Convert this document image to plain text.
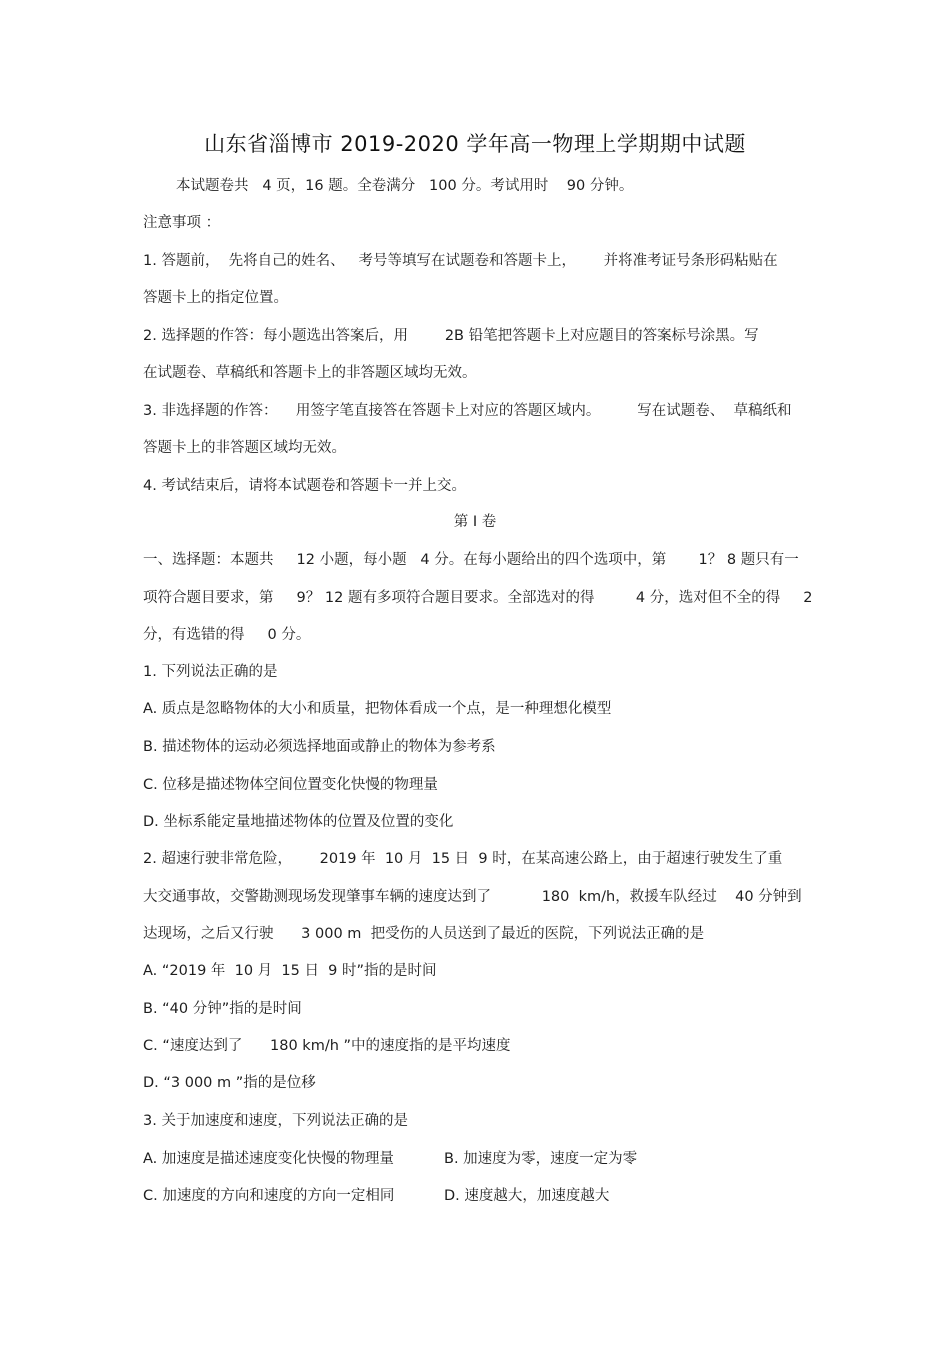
山东省淄博市 2019-2020 学年高一物理上学期期中试题
本试题卷共   4 页，16 题。全卷满分   100 分。考试用时    90 分钟。
注意事项 ：
1. 答题前，  先将自己的姓名、   考号等填写在试题卷和答题卡上，      并将准考证号条形码粘贴在
答题卡上的指定位置。
2. 选择题的作答：每小题选出答案后，用        2B 铅笔把答题卡上对应题目的答案标号涂黑。写
在试题卷、草稿纸和答题卡上的非答题区域均无效。
3. 非选择题的作答：    用签字笔直接答在答题卡上对应的答题区域内。        写在试题卷、  草稿纸和
答题卡上的非答题区域均无效。
4. 考试结束后，请将本试题卷和答题卡一并上交。
第 Ⅰ 卷
一、选择题：本题共     12 小题，每小题   4 分。在每小题给出的四个选项中，第       1？ 8 题只有一
项符合题目要求，第     9？ 12 题有多项符合题目要求。全部选对的得         4 分，选对但不全的得     2
分，有选错的得     0 分。
1. 下列说法正确的是
A. 质点是忽略物体的大小和质量，把物体看成一个点，是一种理想化模型
B. 描述物体的运动必须选择地面或静止的物体为参考系
C. 位移是描述物体空间位置变化快慢的物理量
D. 坐标系能定量地描述物体的位置及位置的变化
2. 超速行驶非常危险，      2019 年  10 月  15 日  9 时，在某高速公路上，由于超速行驶发生了重
大交通事故，交警勘测现场发现肇事车辆的速度达到了           180  km/h，救援车队经过    40 分钟到
达现场，之后又行驶      3 000 m  把受伤的人员送到了最近的医院，下列说法正确的是
A. “2019 年  10 月  15 日  9 时”指的是时间
B. “40 分钟”指的是时间
C. “速度达到了      180 km/h ”中的速度指的是平均速度
D. “3 000 m ”指的是位移
3. 关于加速度和速度，下列说法正确的是
A. 加速度是描述速度变化快慢的物理量	B. 加速度为零，速度一定为零
C. 加速度的方向和速度的方向一定相同	D. 速度越大，加速度越大
